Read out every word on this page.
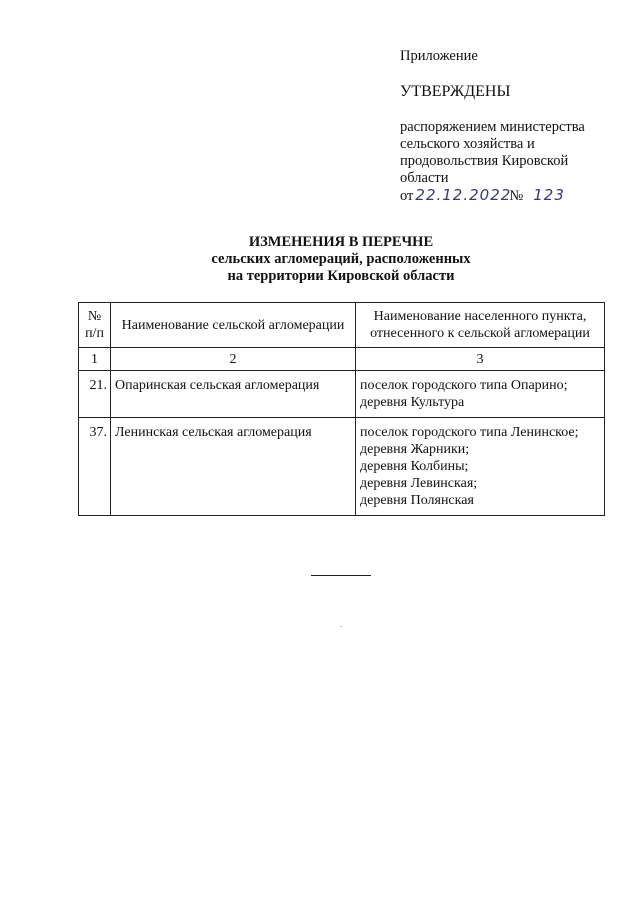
Приложение

УТВЕРЖДЕНЫ

распоряжением министерства
сельского хозяйства и
продовольствия Кировской
области

от 22.12.2022
№ 123
ИЗМЕНЕНИЯ В ПЕРЕЧНЕ
сельских агломераций, расположенных
на территории Кировской области
№ п/п	Наименование сельской агломерации	Наименование населенного пункта, отнесенного к сельской агломерации
1	2	3
21.	Опаринская сельская агломерация	поселок городского типа Опарино;
деревня Культура

37.	Ленинская сельская агломерация	поселок городского типа Ленинское;
деревня Жарники;
деревня Колбины;
деревня Левинская;
деревня Полянская
